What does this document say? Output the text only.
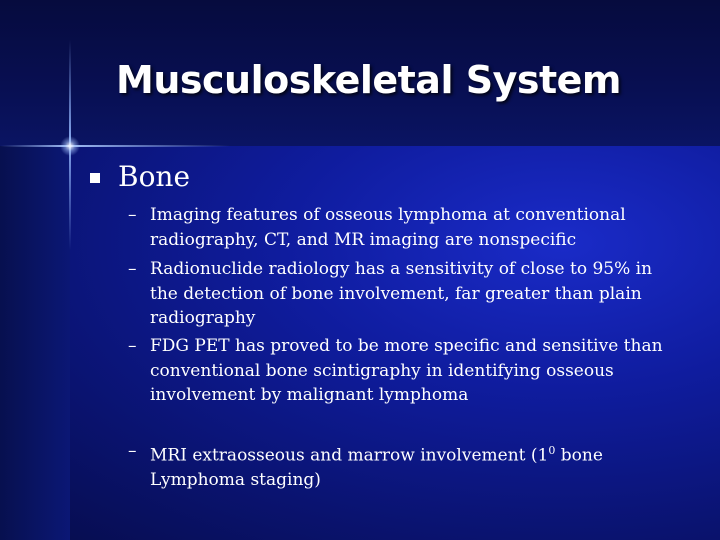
Musculoskeletal System
Bone
– Imaging features of osseous lymphoma at conventional radiography, CT, and MR imaging are nonspecific
– Radionuclide radiology has a sensitivity of close to 95% in the detection of bone involvement, far greater than plain radiography
– FDG PET has proved to be more specific and sensitive than conventional bone scintigraphy in identifying osseous involvement by malignant lymphoma
– MRI extraosseous and marrow involvement ($1^0$ bone Lymphoma staging)
